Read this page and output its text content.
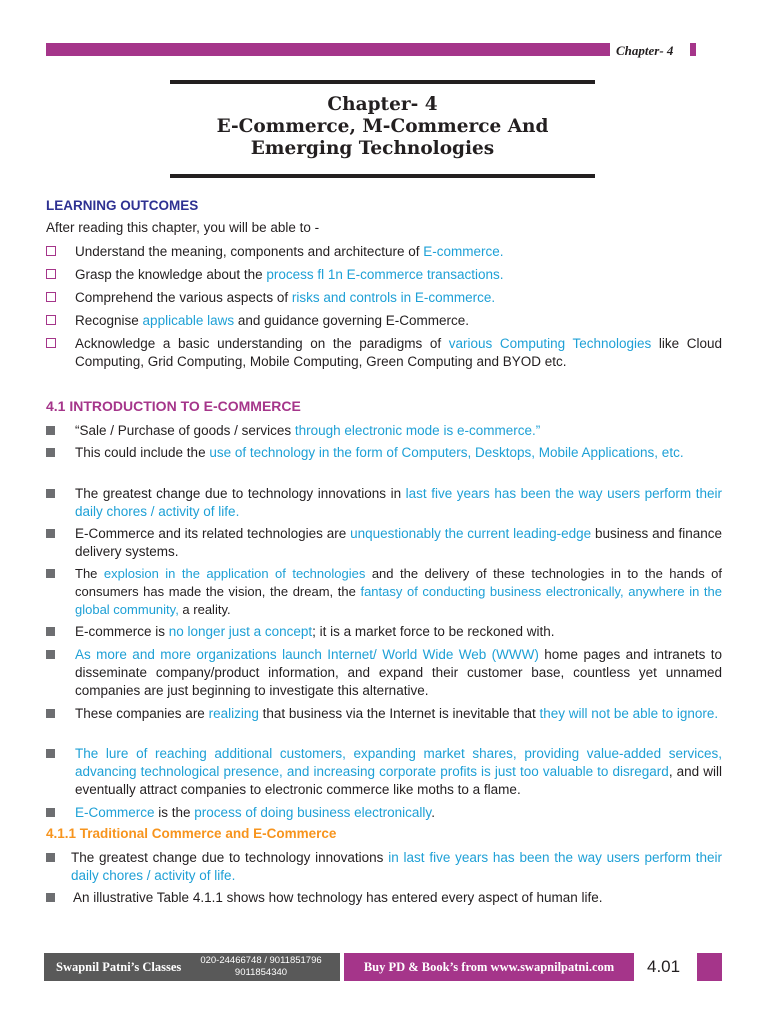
Chapter- 4
Chapter- 4
E-Commerce, M-Commerce And
Emerging Technologies
LEARNING OUTCOMES
After reading this chapter, you will be able to -
Understand the meaning, components and architecture of E-commerce.
Grasp the knowledge about the process fl 1n E-commerce transactions.
Comprehend the various aspects of risks and controls in E-commerce.
Recognise applicable laws and guidance governing E-Commerce.
Acknowledge a basic understanding on the paradigms of various Computing Technologies like Cloud Computing, Grid Computing, Mobile Computing, Green Computing and BYOD etc.
4.1 INTRODUCTION TO E-COMMERCE
“Sale / Purchase of goods / services through electronic mode is e-commerce.”
This could include the use of technology in the form of Computers, Desktops, Mobile Applications, etc.
The greatest change due to technology innovations in last five years has been the way users perform their daily chores / activity of life.
E-Commerce and its related technologies are unquestionably the current leading-edge business and finance delivery systems.
The explosion in the application of technologies and the delivery of these technologies in to the hands of consumers has made the vision, the dream, the fantasy of conducting business electronically, anywhere in the global community, a reality.
E-commerce is no longer just a concept; it is a market force to be reckoned with.
As more and more organizations launch Internet/ World Wide Web (WWW) home pages and intranets to disseminate company/product information, and expand their customer base, countless yet unnamed companies are just beginning to investigate this alternative.
These companies are realizing that business via the Internet is inevitable that they will not be able to ignore.
The lure of reaching additional customers, expanding market shares, providing value-added services, advancing technological presence, and increasing corporate profits is just too valuable to disregard, and will eventually attract companies to electronic commerce like moths to a flame.
E-Commerce is the process of doing business electronically.
4.1.1 Traditional Commerce and E-Commerce
The greatest change due to technology innovations in last five years has been the way users perform their daily chores / activity of life.
An illustrative Table 4.1.1 shows how technology has entered every aspect of human life.
Swapnil Patni’s Classes	020-24466748 / 9011851796
9011854340	Buy PD & Book’s from www.swapnilpatni.com	4.01
